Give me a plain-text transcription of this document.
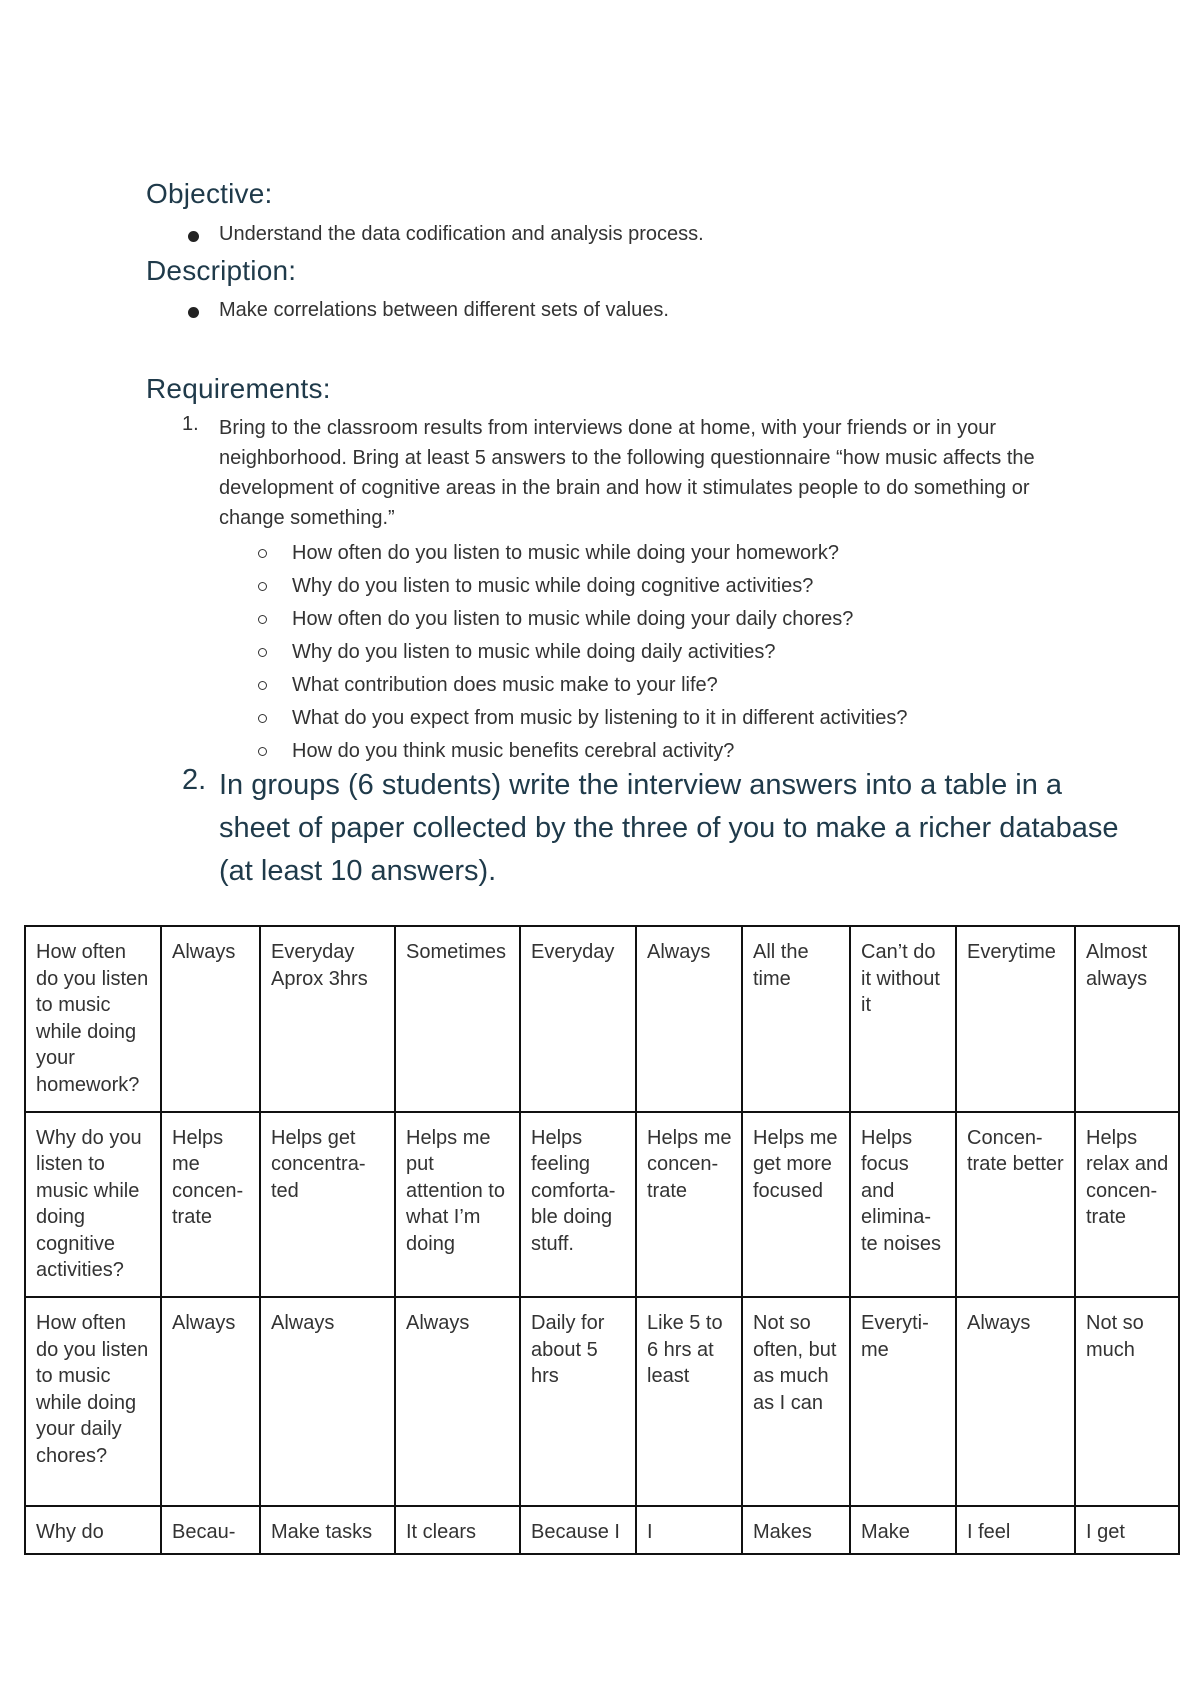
Objective:
Understand the data codification and analysis process.
Description:
Make correlations between different sets of values.
Requirements:
1. Bring to the classroom results from interviews done at home, with your friends or in your neighborhood. Bring at least 5 answers to the following questionnaire “how music affects the development of cognitive areas in the brain and how it stimulates people to do something or change something.”
How often do you listen to music while doing your homework?
Why do you listen to music while doing cognitive activities?
How often do you listen to music while doing your daily chores?
Why do you listen to music while doing daily activities?
What contribution does music make to your life?
What do you expect from music by listening to it in different activities?
How do you think music benefits cerebral activity?
2. In groups (6 students) write the interview answers into a table in a sheet of paper collected by the three of you to make a richer database (at least 10 answers).
How often do you listen to music while doing your homework?	Always	Everyday Aprox 3hrs	Sometimes	Everyday	Always	All the time	Can’t do it without it	Everytime	Almost always
Why do you listen to music while doing cognitive activities?	Helps me concen-trate	Helps get concentra-ted	Helps me put attention to what I’m doing	Helps feeling comforta-ble doing stuff.	Helps me concen-trate	Helps me get more focused	Helps focus and elimina-te noises	Concen-trate better	Helps relax and concen-trate
How often do you listen to music while doing your daily chores?	Always	Always	Always	Daily for about 5 hrs	Like 5 to 6 hrs at least	Not so often, but as much as I can	Everyti-me	Always	Not so much
Why do	Becau-	Make tasks	It clears	Because I	I	Makes	Make	I feel	I get
